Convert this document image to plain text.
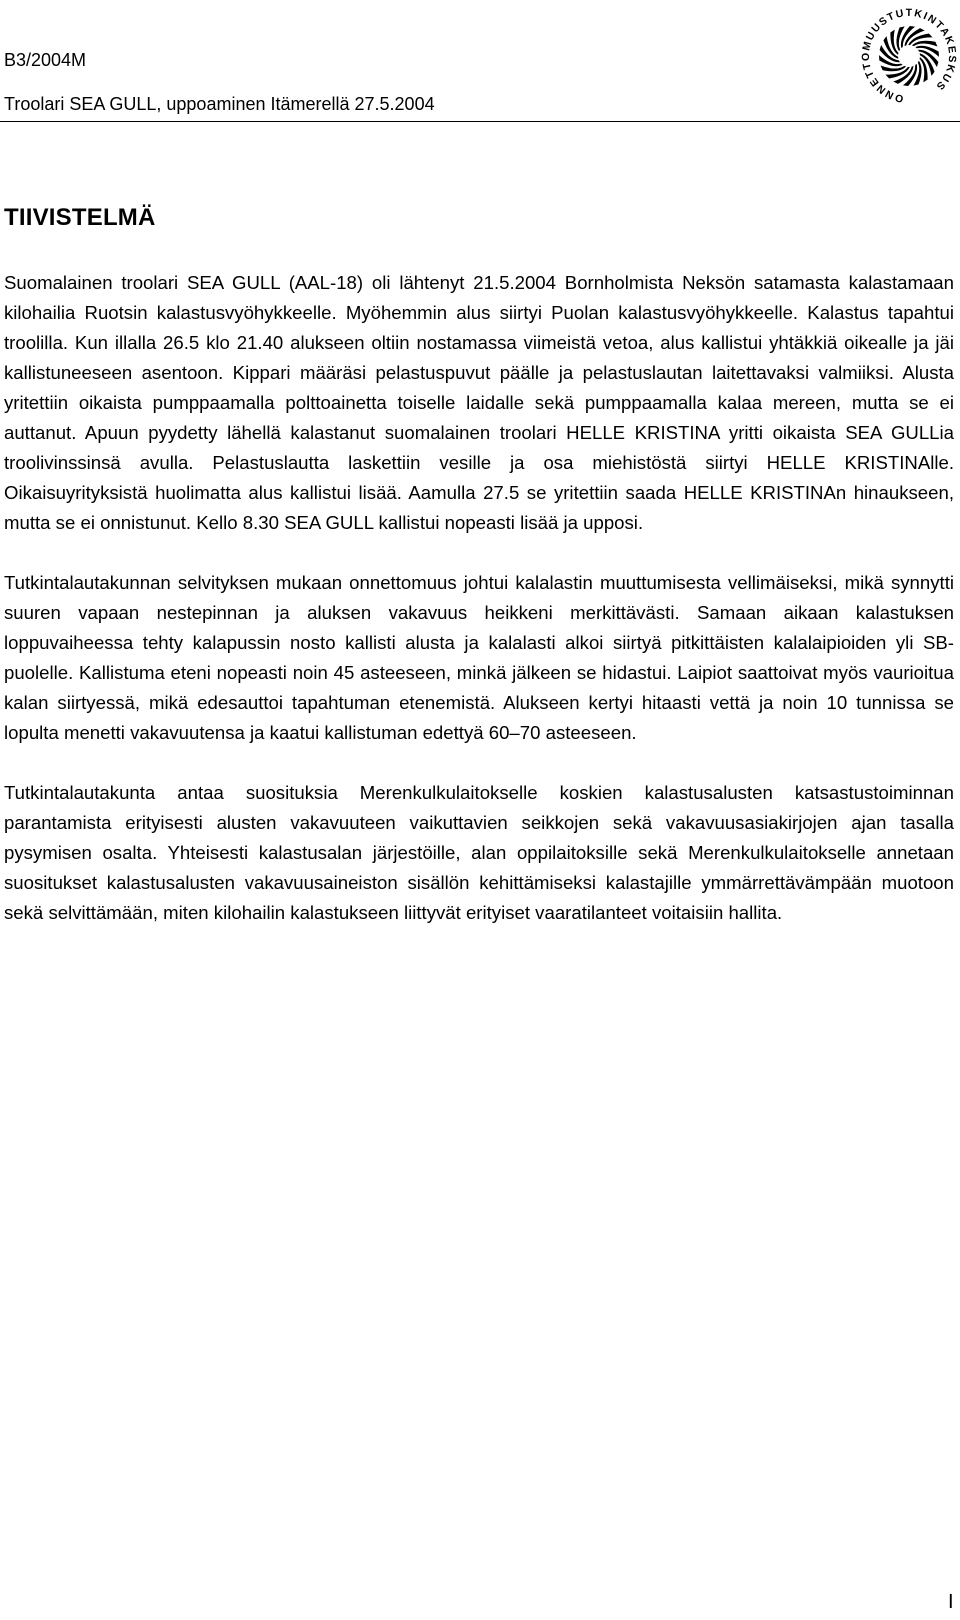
B3/2004M
Troolari SEA GULL, uppoaminen Itämerellä 27.5.2004	ONNETTOMUUSTUTKINTAKESKUS
TIIVISTELMÄ

Suomalainen troolari SEA GULL (AAL-18) oli lähtenyt 21.5.2004 Bornholmista Neksön satamasta kalastamaan kilohailia Ruotsin kalastusvyöhykkeelle. Myöhemmin alus siirtyi Puolan kalastusvyöhykkeelle. Kalastus tapahtui troolilla. Kun illalla 26.5 klo 21.40 alukseen oltiin nostamassa viimeistä vetoa, alus kallistui yhtäkkiä oikealle ja jäi kallistuneeseen asentoon. Kippari määräsi pelastuspuvut päälle ja pelastuslautan laitettavaksi valmiiksi. Alusta yritettiin oikaista pumppaamalla polttoainetta toiselle laidalle sekä pumppaamalla kalaa mereen, mutta se ei auttanut. Apuun pyydetty lähellä kalastanut suomalainen troolari HELLE KRISTINA yritti oikaista SEA GULLia troolivinssinsä avulla. Pelastuslautta laskettiin vesille ja osa miehistöstä siirtyi HELLE KRISTINAlle. Oikaisuyrityksistä huolimatta alus kallistui lisää. Aamulla 27.5 se yritettiin saada HELLE KRISTINAn hinaukseen, mutta se ei onnistunut. Kello 8.30 SEA GULL kallistui nopeasti lisää ja upposi.

Tutkintalautakunnan selvityksen mukaan onnettomuus johtui kalalastin muuttumisesta vellimäiseksi, mikä synnytti suuren vapaan nestepinnan ja aluksen vakavuus heikkeni merkittävästi. Samaan aikaan kalastuksen loppuvaiheessa tehty kalapussin nosto kallisti alusta ja kalalasti alkoi siirtyä pitkittäisten kalalaipioiden yli SB-puolelle. Kallistuma eteni nopeasti noin 45 asteeseen, minkä jälkeen se hidastui. Laipiot saattoivat myös vaurioitua kalan siirtyessä, mikä edesauttoi tapahtuman etenemistä. Alukseen kertyi hitaasti vettä ja noin 10 tunnissa se lopulta menetti vakavuutensa ja kaatui kallistuman edettyä 60–70 asteeseen.

Tutkintalautakunta antaa suosituksia Merenkulkulaitokselle koskien kalastusalusten katsastustoiminnan parantamista erityisesti alusten vakavuuteen vaikuttavien seikkojen sekä vakavuusasiakirjojen ajan tasalla pysymisen osalta. Yhteisesti kalastusalan järjestöille, alan oppilaitoksille sekä Merenkulkulaitokselle annetaan suositukset kalastusalusten vakavuusaineiston sisällön kehittämiseksi kalastajille ymmärrettävämpään muotoon sekä selvittämään, miten kilohailin kalastukseen liittyvät erityiset vaaratilanteet voitaisiin hallita.

I
